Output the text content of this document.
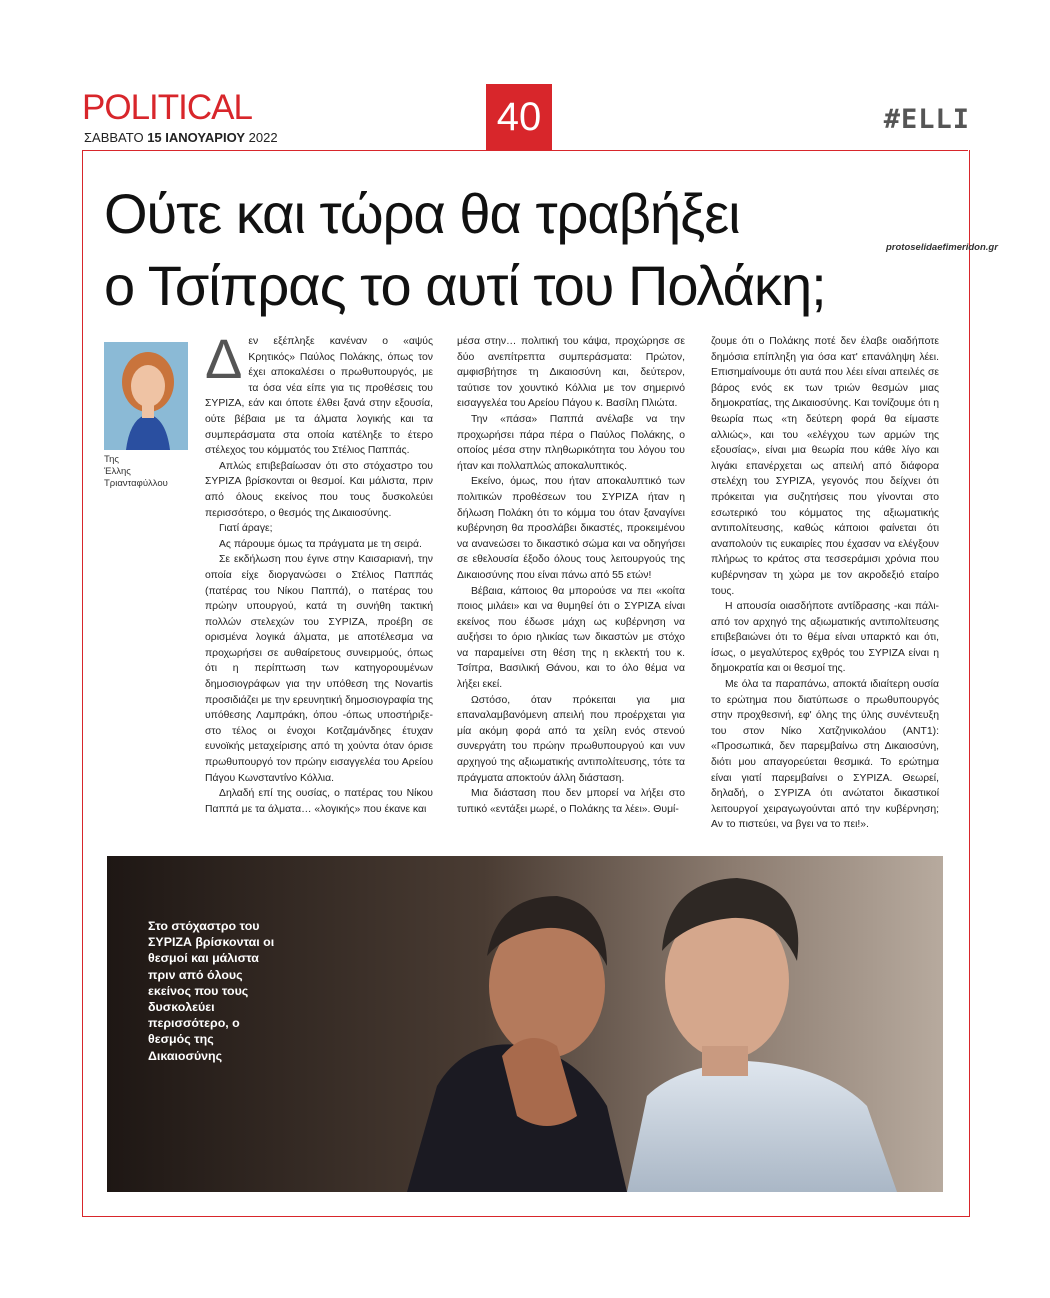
POLITICAL
ΣΑΒΒΑΤΟ 15 ΙΑΝΟΥΑΡΙΟΥ 2022	40	#ELLI
Ούτε και τώρα θα τραβήξει
ο Τσίπρας το αυτί του Πολάκη;
protoselidaefimeridon.gr
Της
Έλλης Τριανταφύλλου
Δ εν εξέπληξε κανέναν ο «αψύς Κρητικός» Παύλος Πολάκης, όπως τον έχει αποκαλέσει ο πρωθυπουργός, με τα όσα νέα είπε για τις προθέσεις του ΣΥΡΙΖΑ, εάν και όποτε έλθει ξανά στην εξουσία, ούτε βέβαια με τα άλματα λογικής και τα συμπεράσματα στα οποία κατέληξε το έτερο στέλεχος του κόμματός του Στέλιος Παππάς.

Απλώς επιβεβαίωσαν ότι στο στόχαστρο του ΣΥΡΙΖΑ βρίσκονται οι θεσμοί. Και μάλιστα, πριν από όλους εκείνος που τους δυσκολεύει περισσότερο, ο θεσμός της Δικαιοσύνης.

Γιατί άραγε;

Ας πάρουμε όμως τα πράγματα με τη σειρά.

Σε εκδήλωση που έγινε στην Καισαριανή, την οποία είχε διοργανώσει ο Στέλιος Παππάς (πατέρας του Νίκου Παππά), ο πατέρας του πρώην υπουργού, κατά τη συνήθη τακτική πολλών στελεχών του ΣΥΡΙΖΑ, προέβη σε ορισμένα λογικά άλματα, με αποτέλεσμα να προχωρήσει σε αυθαίρετους συνειρμούς, όπως ότι η περίπτωση των κατηγορουμένων δημοσιογράφων για την υπόθεση της Novartis προσιδιάζει με την ερευνητική δημοσιογραφία της υπόθεσης Λαμπράκη, όπου -όπως υποστήριξε- στο τέλος οι ένοχοι Κοτζαμάνδηες έτυχαν ευνοϊκής μεταχείρισης από τη χούντα όταν όρισε πρωθυπουργό τον πρώην εισαγγελέα του Αρείου Πάγου Κωνσταντίνο Κόλλια.

Δηλαδή επί της ουσίας, ο πατέρας του Νίκου Παππά με τα άλματα… «λογικής» που έκανε και

μέσα στην… πολιτική του κάψα, προχώρησε σε δύο ανεπίτρεπτα συμπεράσματα: Πρώτον, αμφισβήτησε τη Δικαιοσύνη και, δεύτερον, ταύτισε τον χουντικό Κόλλια με τον σημερινό εισαγγελέα του Αρείου Πάγου κ. Βασίλη Πλιώτα.

Την «πάσα» Παππά ανέλαβε να την προχωρήσει πάρα πέρα ο Παύλος Πολάκης, ο οποίος μέσα στην πληθωρικότητα του λόγου του ήταν και πολλαπλώς αποκαλυπτικός.

Εκείνο, όμως, που ήταν αποκαλυπτικό των πολιτικών προθέσεων του ΣΥΡΙΖΑ ήταν η δήλωση Πολάκη ότι το κόμμα του όταν ξαναγίνει κυβέρνηση θα προσλάβει δικαστές, προκειμένου να ανανεώσει το δικαστικό σώμα και να οδηγήσει σε εθελουσία έξοδο όλους τους λειτουργούς της Δικαιοσύνης που είναι πάνω από 55 ετών!

Βέβαια, κάποιος θα μπορούσε να πει «κοίτα ποιος μιλάει» και να θυμηθεί ότι ο ΣΥΡΙΖΑ είναι εκείνος που έδωσε μάχη ως κυβέρνηση να αυξήσει το όριο ηλικίας των δικαστών με στόχο να παραμείνει στη θέση της η εκλεκτή του κ. Τσίπρα, Βασιλική Θάνου, και το όλο θέμα να λήξει εκεί.

Ωστόσο, όταν πρόκειται για μια επαναλαμβανόμενη απειλή που προέρχεται για μία ακόμη φορά από τα χείλη ενός στενού συνεργάτη του πρώην πρωθυπουργού και νυν αρχηγού της αξιωματικής αντιπολίτευσης, τότε τα πράγματα αποκτούν άλλη διάσταση.

Μια διάσταση που δεν μπορεί να λήξει στο τυπικό «εντάξει μωρέ, ο Πολάκης τα λέει». Θυμί-

ζουμε ότι ο Πολάκης ποτέ δεν έλαβε οιαδήποτε δημόσια επίπληξη για όσα κατ' επανάληψη λέει. Επισημαίνουμε ότι αυτά που λέει είναι απειλές σε βάρος ενός εκ των τριών θεσμών μιας δημοκρατίας, της Δικαιοσύνης. Και τονίζουμε ότι η θεωρία πως «τη δεύτερη φορά θα είμαστε αλλιώς», και του «ελέγχου των αρμών της εξουσίας», είναι μια θεωρία που κάθε λίγο και λιγάκι επανέρχεται ως απειλή από διάφορα στελέχη του ΣΥΡΙΖΑ, γεγονός που δείχνει ότι πρόκειται για συζητήσεις που γίνονται στο εσωτερικό του κόμματος της αξιωματικής αντιπολίτευσης, καθώς κάποιοι φαίνεται ότι αναπολούν τις ευκαιρίες που έχασαν να ελέγξουν πλήρως το κράτος στα τεσσεράμισι χρόνια που κυβέρνησαν τη χώρα με τον ακροδεξιό εταίρο τους.

Η απουσία οιασδήποτε αντίδρασης -και πάλι- από τον αρχηγό της αξιωματικής αντιπολίτευσης επιβεβαιώνει ότι το θέμα είναι υπαρκτό και ότι, ίσως, ο μεγαλύτερος εχθρός του ΣΥΡΙΖΑ είναι η δημοκρατία και οι θεσμοί της.

Με όλα τα παραπάνω, αποκτά ιδιαίτερη ουσία το ερώτημα που διατύπωσε ο πρωθυπουργός στην προχθεσινή, εφ' όλης της ύλης συνέντευξη του στον Νίκο Χατζηνικολάου (ΑΝΤ1): «Προσωπικά, δεν παρεμβαίνω στη Δικαιοσύνη, διότι μου απαγορεύεται θεσμικά. Το ερώτημα είναι γιατί παρεμβαίνει ο ΣΥΡΙΖΑ. Θεωρεί, δηλαδή, ο ΣΥΡΙΖΑ ότι ανώτατοι δικαστικοί λειτουργοί χειραγωγούνται από την κυβέρνηση; Αν το πιστεύει, να βγει να το πει!».

Στο στόχαστρο του ΣΥΡΙΖΑ βρίσκονται οι θεσμοί και μάλιστα πριν από όλους εκείνος που τους δυσκολεύει περισσότερο, ο θεσμός της Δικαιοσύνης
